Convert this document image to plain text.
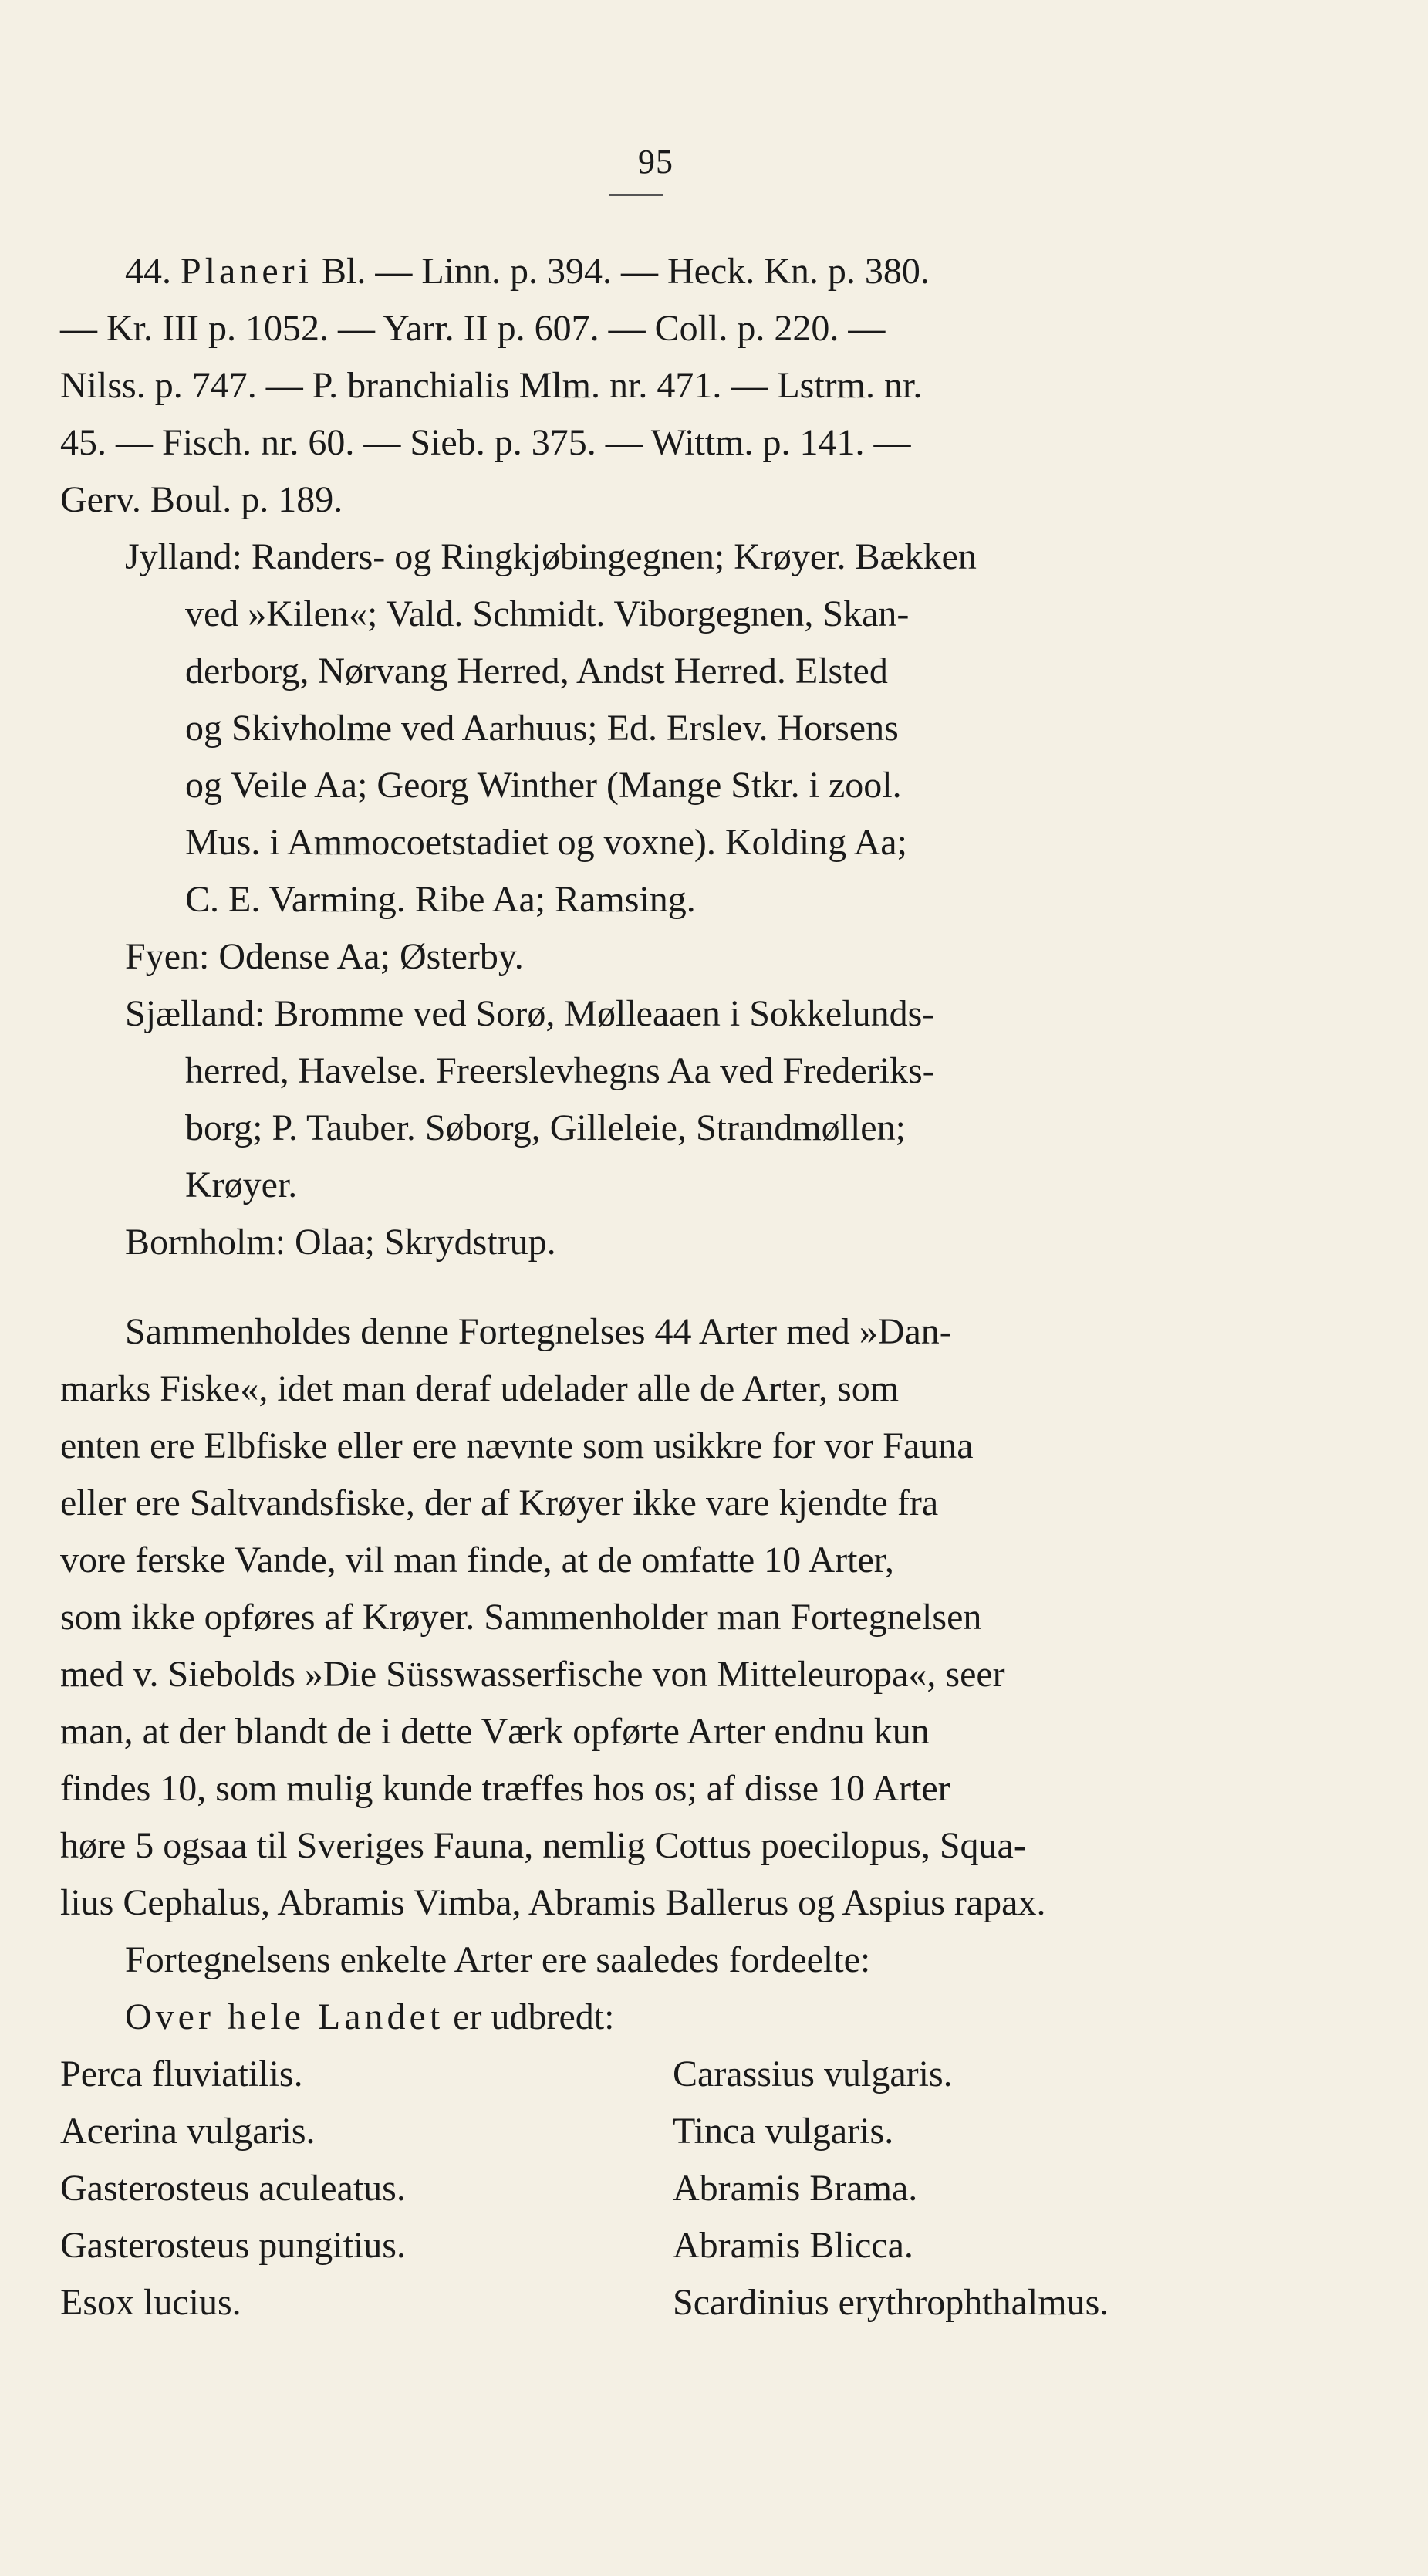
95
44. Planeri Bl. — Linn. p. 394. — Heck. Kn. p. 380.
— Kr. III p. 1052. — Yarr. II p. 607. — Coll. p. 220. —
Nilss. p. 747. — P. branchialis Mlm. nr. 471. — Lstrm. nr.
45. — Fisch. nr. 60. — Sieb. p. 375. — Wittm. p. 141. —
Gerv. Boul. p. 189.
Jylland: Randers- og Ringkjøbingegnen; Krøyer. Bækken
ved »Kilen«; Vald. Schmidt. Viborgegnen, Skan-
derborg, Nørvang Herred, Andst Herred. Elsted
og Skivholme ved Aarhuus; Ed. Erslev. Horsens
og Veile Aa; Georg Winther (Mange Stkr. i zool.
Mus. i Ammocoetstadiet og voxne). Kolding Aa;
C. E. Varming. Ribe Aa; Ramsing.
Fyen: Odense Aa; Østerby.
Sjælland: Bromme ved Sorø, Mølleaaen i Sokkelunds-
herred, Havelse. Freerslevhegns Aa ved Frederiks-
borg; P. Tauber. Søborg, Gilleleie, Strandmøllen;
Krøyer.
Bornholm: Olaa; Skrydstrup.
Sammenholdes denne Fortegnelses 44 Arter med »Dan-
marks Fiske«, idet man deraf udelader alle de Arter, som
enten ere Elbfiske eller ere nævnte som usikkre for vor Fauna
eller ere Saltvandsfiske, der af Krøyer ikke vare kjendte fra
vore ferske Vande, vil man finde, at de omfatte 10 Arter,
som ikke opføres af Krøyer. Sammenholder man Fortegnelsen
med v. Siebolds »Die Süsswasserfische von Mitteleuropa«, seer
man, at der blandt de i dette Værk opførte Arter endnu kun
findes 10, som mulig kunde træffes hos os; af disse 10 Arter
høre 5 ogsaa til Sveriges Fauna, nemlig Cottus poecilopus, Squa-
lius Cephalus, Abramis Vimba, Abramis Ballerus og Aspius rapax.
Fortegnelsens enkelte Arter ere saaledes fordeelte:
Over hele Landet er udbredt:
Perca fluviatilis.
Acerina vulgaris.
Gasterosteus aculeatus.
Gasterosteus pungitius.
Esox lucius.
Carassius vulgaris.
Tinca vulgaris.
Abramis Brama.
Abramis Blicca.
Scardinius erythrophthalmus.
